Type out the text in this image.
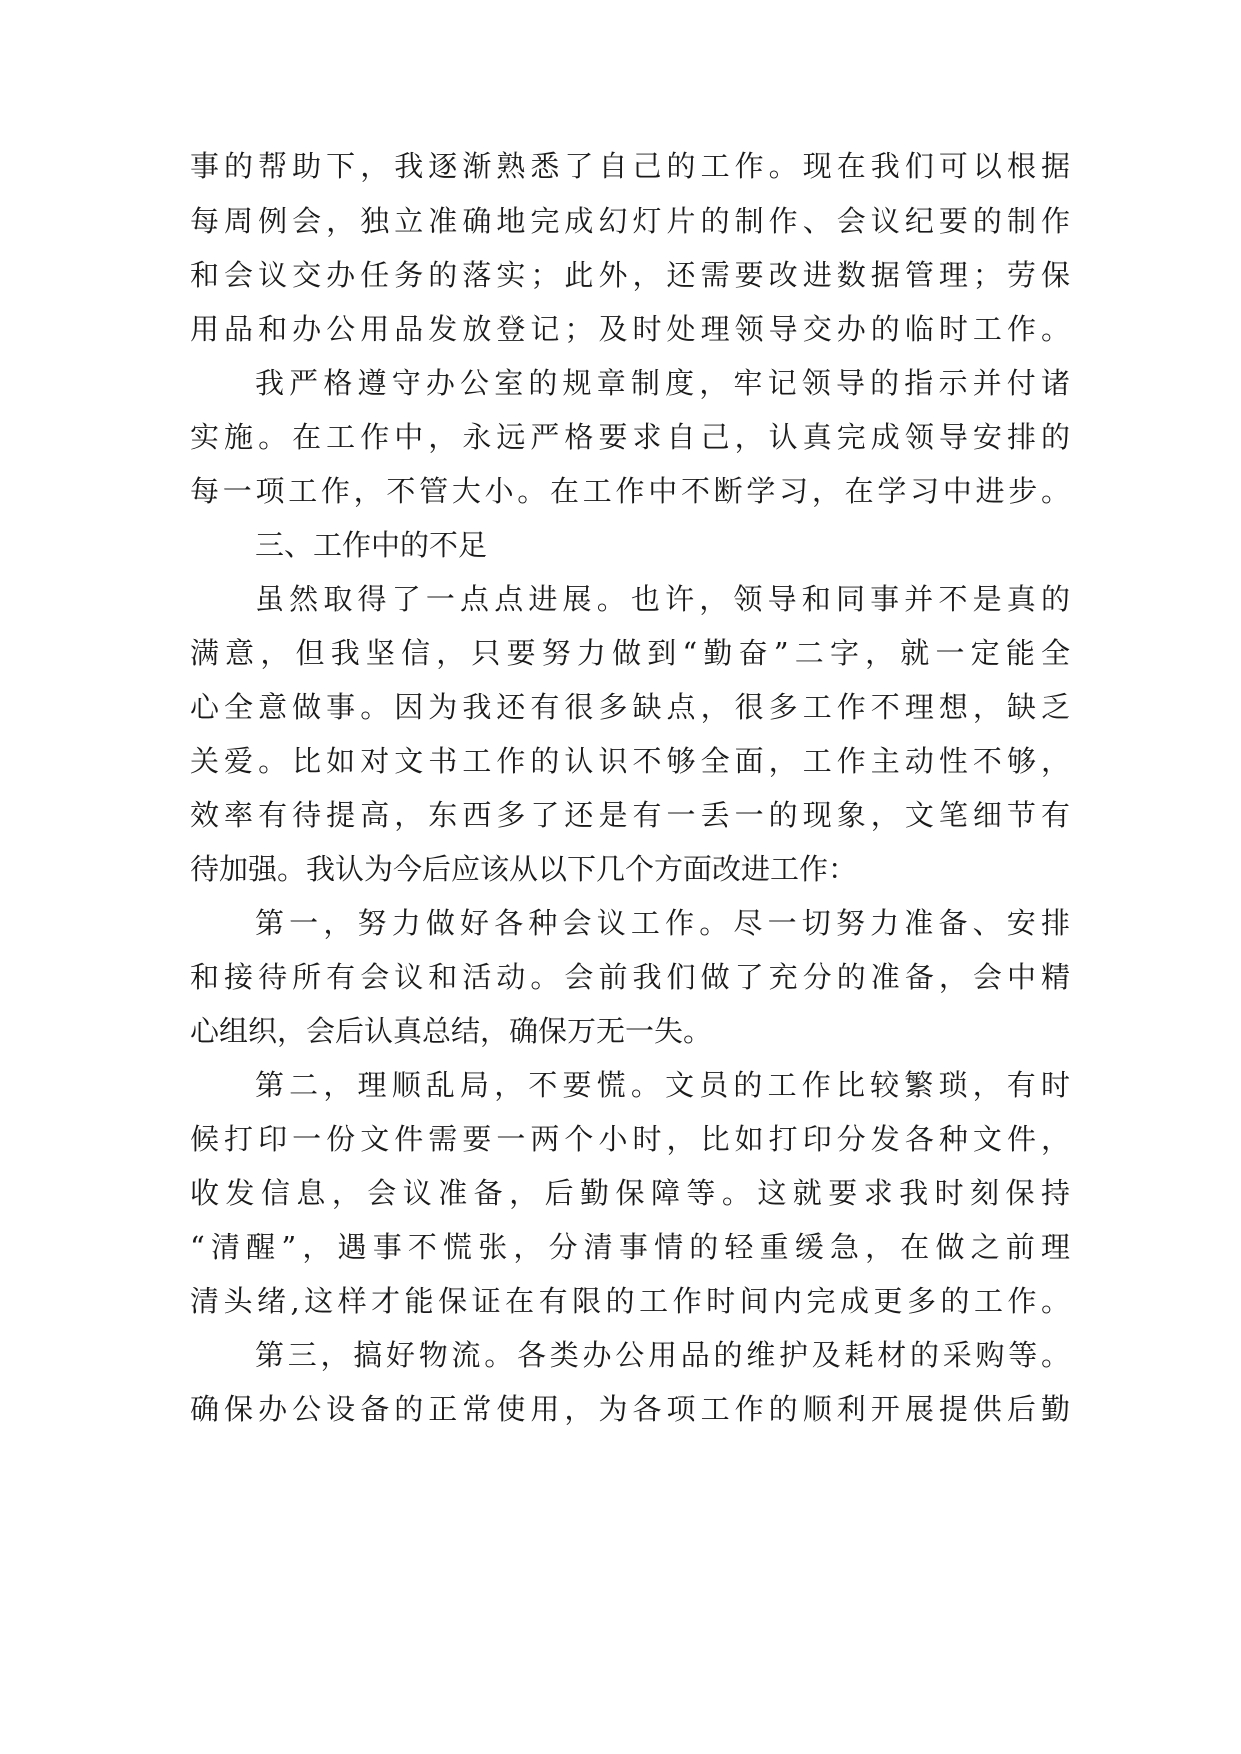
事的帮助下，我逐渐熟悉了自己的工作。现在我们可以根据
每周例会，独立准确地完成幻灯片的制作、会议纪要的制作
和会议交办任务的落实；此外，还需要改进数据管理；劳保
用品和办公用品发放登记；及时处理领导交办的临时工作。
我严格遵守办公室的规章制度，牢记领导的指示并付诸
实施。在工作中，永远严格要求自己，认真完成领导安排的
每一项工作，不管大小。在工作中不断学习，在学习中进步。
三、工作中的不足
虽然取得了一点点进展。也许，领导和同事并不是真的
满意，但我坚信，只要努力做到“勤奋”二字，就一定能全
心全意做事。因为我还有很多缺点，很多工作不理想，缺乏
关爱。比如对文书工作的认识不够全面，工作主动性不够，
效率有待提高，东西多了还是有一丢一的现象，文笔细节有
待加强。我认为今后应该从以下几个方面改进工作：
第一，努力做好各种会议工作。尽一切努力准备、安排
和接待所有会议和活动。会前我们做了充分的准备，会中精
心组织，会后认真总结，确保万无一失。
第二，理顺乱局，不要慌。文员的工作比较繁琐，有时
候打印一份文件需要一两个小时，比如打印分发各种文件，
收发信息，会议准备，后勤保障等。这就要求我时刻保持
“清醒”，遇事不慌张，分清事情的轻重缓急，在做之前理
清头绪,这样才能保证在有限的工作时间内完成更多的工作。
第三，搞好物流。各类办公用品的维护及耗材的采购等。
确保办公设备的正常使用，为各项工作的顺利开展提供后勤
